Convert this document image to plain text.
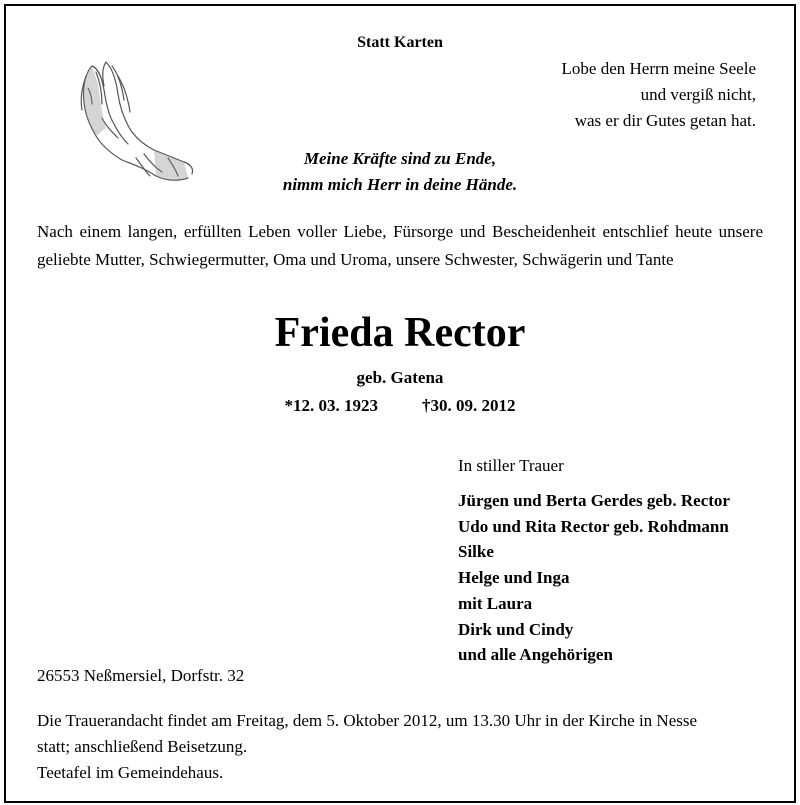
Statt Karten
Lobe den Herrn meine Seele
und vergiß nicht,
was er dir Gutes getan hat.
Meine Kräfte sind zu Ende,
nimm mich Herr in deine Hände.
Nach einem langen, erfüllten Leben voller Liebe, Fürsorge und Bescheidenheit entschlief heute unsere geliebte Mutter, Schwiegermutter, Oma und Uroma, unsere Schwester, Schwägerin und Tante
Frieda Rector
geb. Gatena
*12. 03. 1923	†30. 09. 2012
In stiller Trauer
Jürgen und Berta Gerdes geb. Rector
Udo und Rita Rector geb. Rohdmann
Silke
Helge und Inga
mit Laura
Dirk und Cindy
und alle Angehörigen
26553 Neßmersiel, Dorfstr. 32
Die Trauerandacht findet am Freitag, dem 5. Oktober 2012, um 13.30 Uhr in der Kirche in Nesse
statt; anschließend Beisetzung.
Teetafel im Gemeindehaus.
